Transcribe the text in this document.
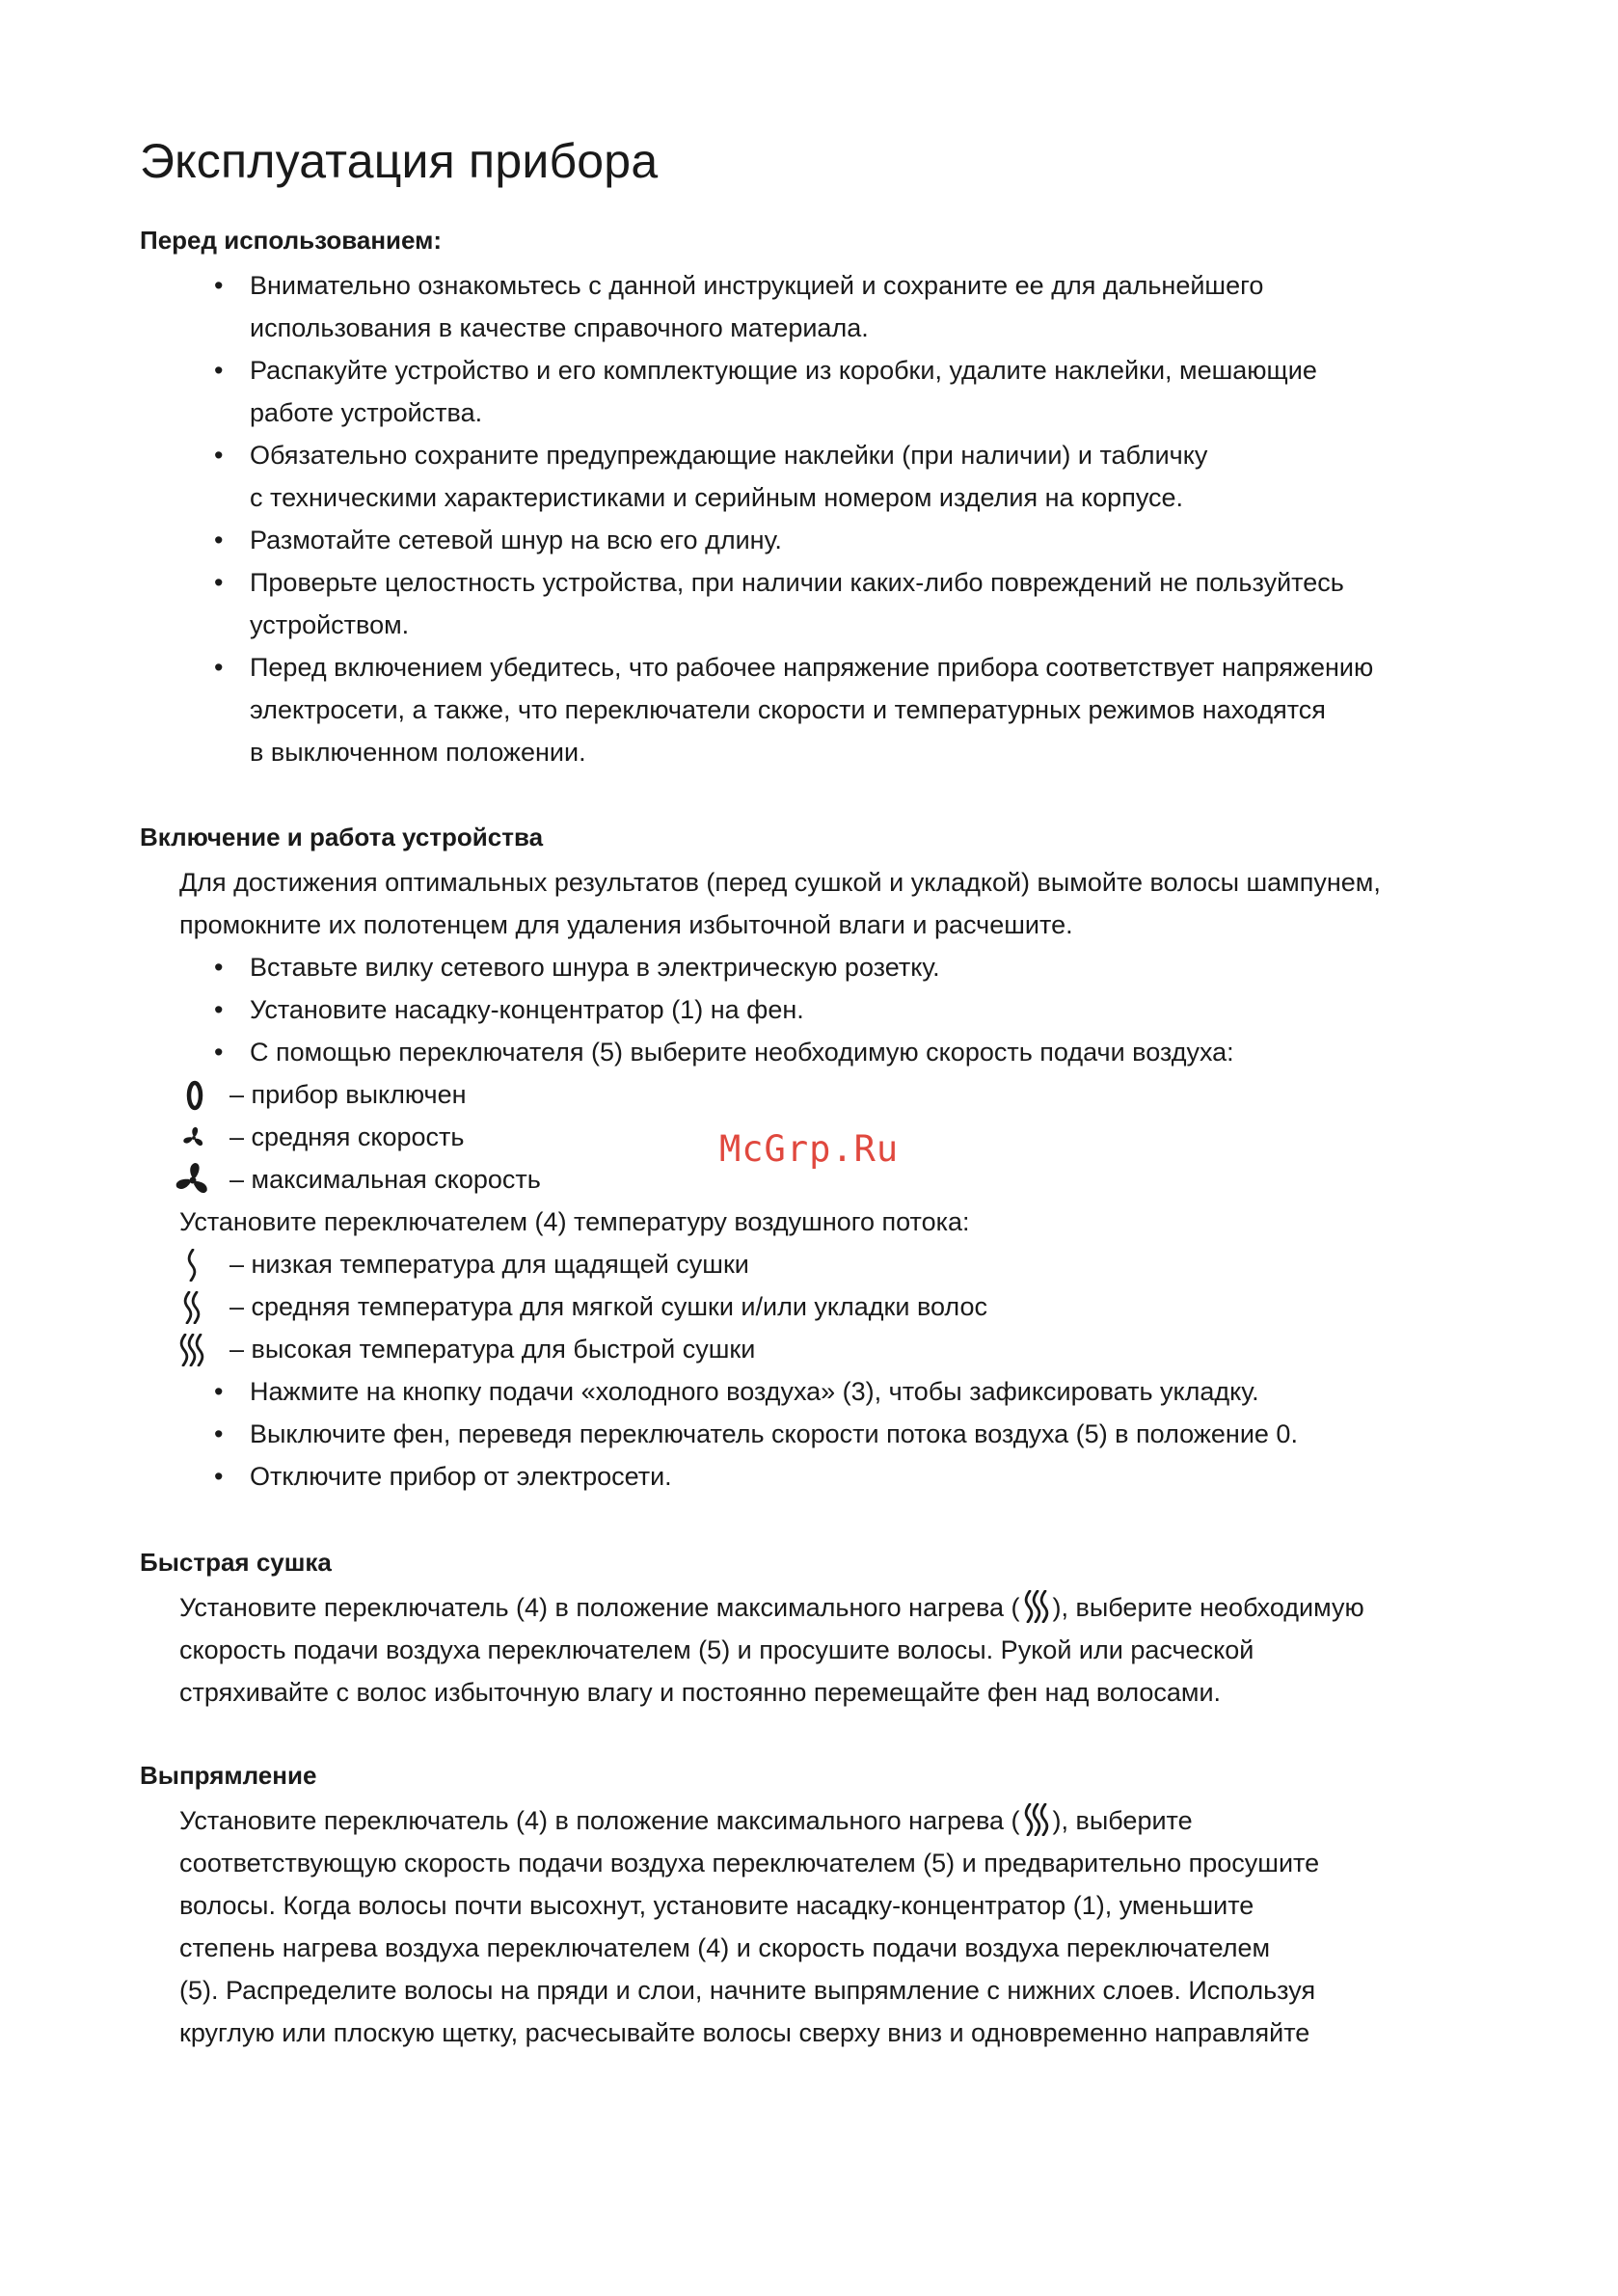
Эксплуатация прибора
Перед использованием:
• Внимательно ознакомьтесь с данной инструкцией и сохраните ее для дальнейшего
использования в качестве справочного материала.
• Распакуйте устройство и его комплектующие из коробки, удалите наклейки, мешающие
работе устройства.
• Обязательно сохраните предупреждающие наклейки (при наличии) и табличку
с техническими характеристиками и серийным номером изделия на корпусе.
• Размотайте сетевой шнур на всю его длину.
• Проверьте целостность устройства, при наличии каких-либо повреждений не пользуйтесь
устройством.
• Перед включением убедитесь, что рабочее напряжение прибора соответствует напряжению
электросети, а также, что переключатели скорости и температурных режимов находятся
в выключенном положении.
Включение и работа устройства
Для достижения оптимальных результатов (перед сушкой и укладкой) вымойте волосы шампунем,
промокните их полотенцем для удаления избыточной влаги и расчешите.
• Вставьте вилку сетевого шнура в электрическую розетку.
• Установите насадку-концентратор (1) на фен.
• С помощью переключателя (5) выберите необходимую скорость подачи воздуха:
– прибор выключен
– средняя скорость
– максимальная скорость
Установите переключателем (4) температуру воздушного потока:
– низкая температура для щадящей сушки
– средняя температура для мягкой сушки и/или укладки волос
– высокая температура для быстрой сушки
• Нажмите на кнопку подачи «холодного воздуха» (3), чтобы зафиксировать укладку.
• Выключите фен, переведя переключатель скорости потока воздуха (5) в положение 0.
• Отключите прибор от электросети.
McGrp.Ru
Быстрая сушка
Установите переключатель (4) в положение максимального нагрева ( ), выберите необходимую
скорость подачи воздуха переключателем (5) и просушите волосы. Рукой или расческой
стряхивайте с волос избыточную влагу и постоянно перемещайте фен над волосами.
Выпрямление
Установите переключатель (4) в положение максимального нагрева ( ), выберите
соответствующую скорость подачи воздуха переключателем (5) и предварительно просушите
волосы. Когда волосы почти высохнут, установите насадку-концентратор (1), уменьшите
степень нагрева воздуха переключателем (4) и скорость подачи воздуха переключателем
(5). Распределите волосы на пряди и слои, начните выпрямление с нижних слоев. Используя
круглую или плоскую щетку, расчесывайте волосы сверху вниз и одновременно направляйте
